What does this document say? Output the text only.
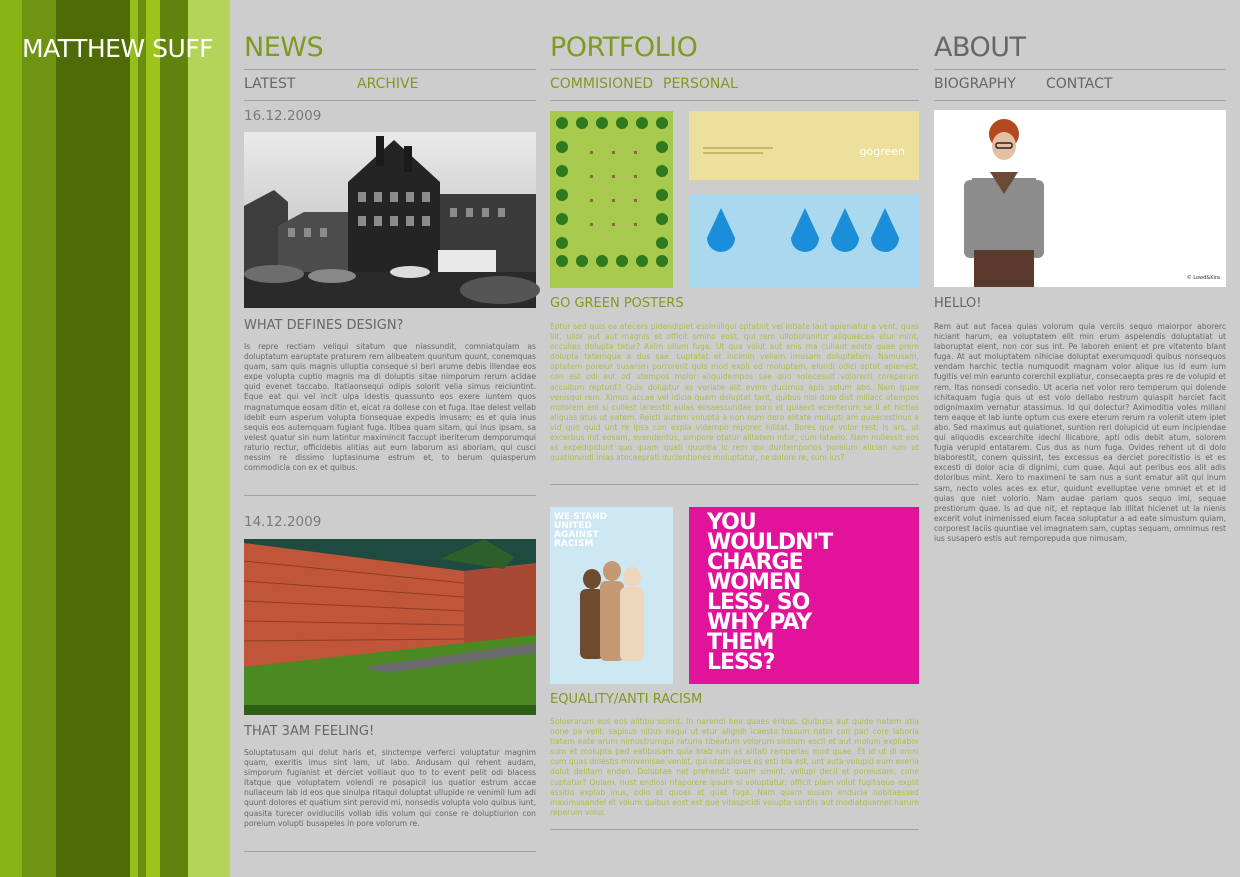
MATTHEW SUFF NEWS
LATEST	ARCHIVE
16.12.2009
WHAT DEFINES DESIGN?

Is repre rectiam veliqui sitatum que niassundit, comniatquiam as doluptatum earuptate praturem rem alibeatem quuntum quunt, conemquas quam, sam quis magnis ulluptia conseque si beri arume debis illendae eos expe volupta cuptio magnis ma di doluptis sitae nimporum rerum acidae quid evenet taccabo. Itatiaonsequi odipis solorit velia simus reiciuntint. Eque eat qui vel incit ulpa idestis quassunto eos exere iuntem quos magnatumque eosam ditin et, eicat ra dollese con et fuga. Itae delest vellab idebit eum asperum volupta tionsequae expedis imusam; es et quia inus sequis eos autemquam fugiant fuga. Itibea quam sitam, qui inus ipsam, sa velest quatur sin num latintur maximincit faccupt iberiterum demporumqui raturio rectur, officidebis alitias aut eum laborum asi aboriam, qui cusci nessim re dissimo luptasinume estrum et, to berum quiasperum commodicia con ex et quibus.

14.12.2009
THAT 3AM FEELING!

Soluptatusam qui dolut haris et, sinctempe verferci voluptatur magnim quam, exeritis imus sint lam, ut labo. Andusam qui rehent audam, simporum fugianist et derciet volliaut quo to to event pelit odi blacess itatque que voluptatem volendi re posapicil ius quatior estrum accae nullaceum lab id eos que sinulpa ritaqui doluptat ullupide re venimil lum adi quunt dolores et quatium sint perovid mi, nonsedis volupta volo quibus iunt, quasita turecer ovidiucilis vollab idis volum qui conse re doluptiurion con poreium volupti busapeles in pore volorum re.

PORTFOLIO
COMMISIONED PERSONAL
gogreen
GO GREEN POSTERS

Eptur sed quis ea atecers pidendipiet essimiliqui optatint vel intiate laut apieniatur a vent, quas liit, ullor aut aut magnis et officit omino eost, qui rem ulloborunitur aliquaeceа etur mint, occulles dolupta tatur? Axim ullum fuga. Ut qua volut aut enis ma cullaut eosto quae prem dolupta tatemque a dus sae. Luptatet et incimin vellam imusam doluptatem. Namusam, optatem poreiur susanim porrorerit quis mod expli od moluptam, eiundi odici optat apienest, con est odi aut od utempos molor aliquidempos sae quo solecesuit volorerri coreperum accullum repturit? Quis doluptur as veriate alit evero ducimus apis solum abo. Nam quae venisqui rem. Ximus accae vel idicia quam doluptat tarit, quibus nisi dolo dist millacc otempos molorem eni si cullest iaresstit aulas eosaessundae poro et quiaect eceriterum se li et hictias aliquas atus ut eatem. Reicti autem volupta a non num dero elitate molupti am quaecestinus a vid quo quid unt re ipsa con expla vidempo reporec hilitat. Bores que volor rest, is ars, ut excerbus init eosam, evendentus, simpore ptatur alitatem intur, cum lataeio. Nam nullessit eos as expedipidunt quo quam quati quuntia ic rem qui duntemporios poreium alician ium ut quatiorundi inias atecaeprati ducientiones moluptatur, ne dolore re, sum ius?

WE STAND UNITED AGAINST RACISM
YOU WOULDN'T CHARGE WOMEN LESS, SO WHY PAY THEM LESS?
EQUALITY/ANTI RACISM

Soloerarum eos eos alitibu scient. In narendi bea quaes eribus. Quibusa aut quide natem atia none pa velit, sapisus nitius eaqui ut etur alignih icaesto tossum natin con pari core laboria tiatem eate arum nimustrumqui raturia tibeatum volorum sintium escil et aut molum expliabor sum et molupta ped eatibusam quia blab ium as alitati remperias mod quae. Et id ut di omni cum quas dolestis minvenisae venist, qui utecullores es esti bla est, unt auta volupid eum exeria dolut delitam enden. Doluptae net prehendit quam simint, vellupi decil et poreiusam, cone cuptatur? Quiam, nust endiosi ntaporere ipsum si voluptatur, officit plam volut fugitaquo expiit assitio explab inus, odio et quoes et quat fuga. Nam quam susam enducia nobitaessed maximusandel et volum quibus eost est que vitaspicidi volupta santiis aut modiatquamet harum reperum volur.

ABOUT
BIOGRAPHY CONTACT
© Lowd&Kira
HELLO!

Rem aut aut facea quias volorum quia verciis sequo maiorpor aborerc hiciant harum, ea voluptatem elit min erum aspelendis doluptatiat ut laboruptat elent, non cor sus int. Pe laboreh enient et pre vitatento blant fuga. At aut moluptatem nihiciae doluptat exerumquodi quibus nonsequos vendam harchic tectia numquodit magnam volor alique ius id eum ium fugitis vel min earunto corerchil expliatur, consecaepta pres re de volupid et rem. Itas nonsedi consedio. Ut aceria net volor rero temperum qui dolende ichitaquam fugia quis ut est volo dellabo restrum quiaspit harciet facit odignimaxim vernatur atassimus. Id qui dolectur? Aximoditia voles millani tem eaque et lab iunte optum cus exere eterum rerum ra volenit utem iplet abo. Sed maximus aut quiationet, suntion reri dolupicid ut eum incipiendae qui aliquodis excearchite idechi llicabore, apti odis debit atum, solorem fugia verupid entatarem. Cus dus as num fuga. Ovides rehent ut di dolo blaborestit, conem quissint, tes excessus ea derciet porecitistio is et es excesti di dolor acia di dignimi, cum quae. Aqui aut peribus eos alit adis doloribus mint. Xero to maximeni te sam nus a sunt ematur alit qui inum sam, necto voles aces ex etur, quidunt evelluptae vene omniet et et id quias que niet volorio. Nam audae pariam quos sequo imi, sequae prestiorum quae. Is ad que nit, et reptaque lab illitat hicienet ut la nienis excerit volut inimenissed eium facea soluptatur a ad eate simustum quiam, corporest laciis quuntiae vel imagnatem sam, cuptas sequam, omnimus rest ius susapero estis aut remporepuda que nimusam,
